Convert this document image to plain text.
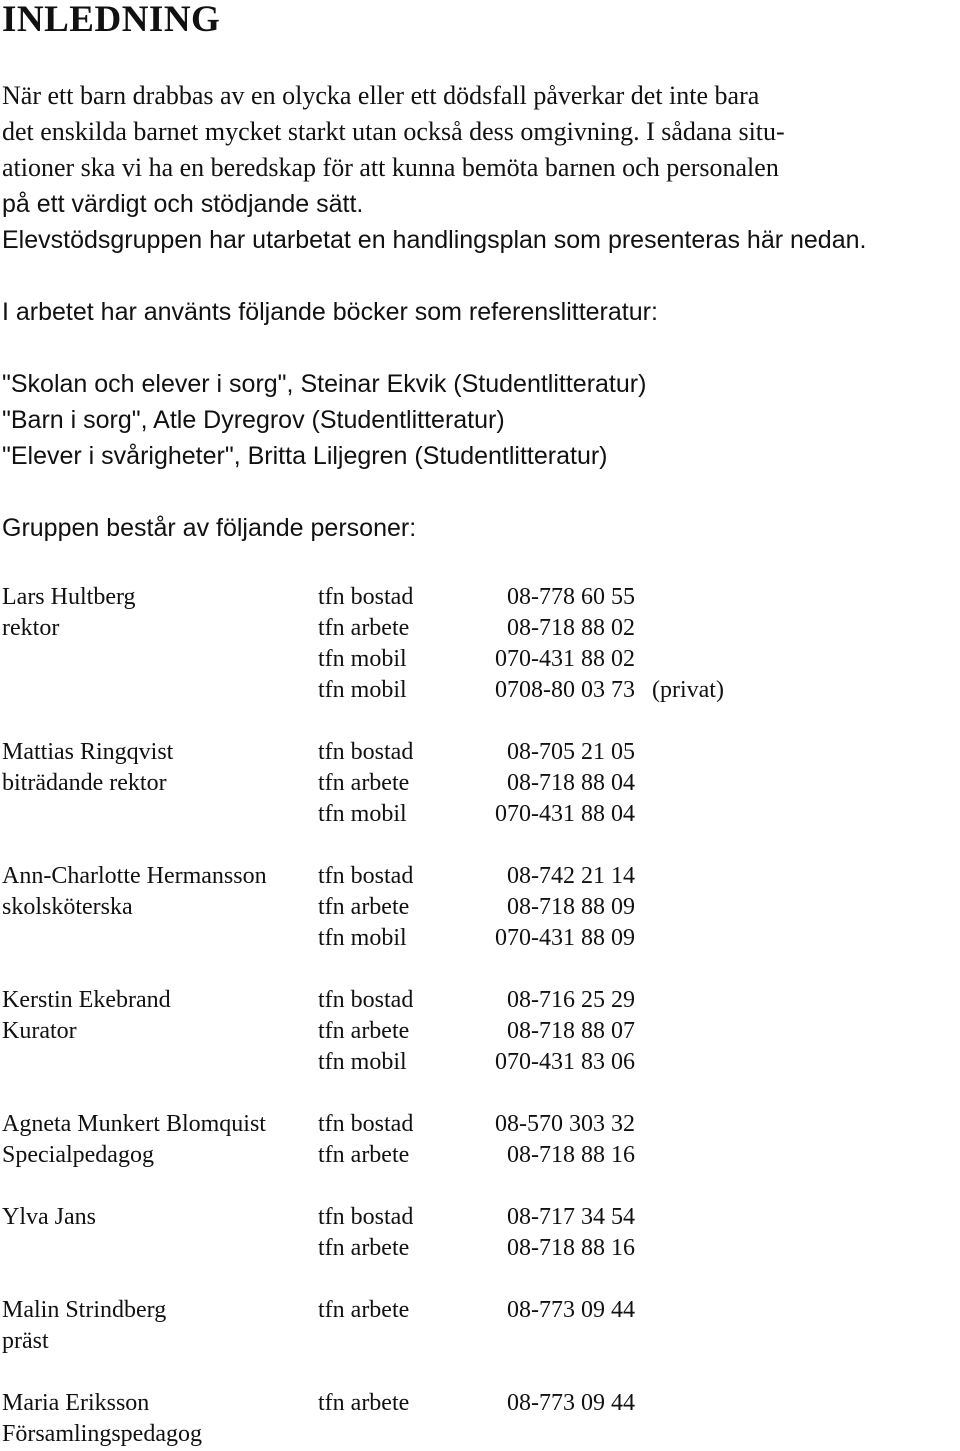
INLEDNING
När ett barn drabbas av en olycka eller ett dödsfall påverkar det inte bara
det enskilda barnet mycket starkt utan också dess omgivning. I sådana situ-
ationer ska vi ha en beredskap för att kunna bemöta barnen och personalen
på ett värdigt och stödjande sätt.
Elevstödsgruppen har utarbetat en handlingsplan som presenteras här nedan.
I arbetet har använts följande böcker som referenslitteratur:
"Skolan och elever i sorg", Steinar Ekvik (Studentlitteratur)
"Barn i sorg", Atle Dyregrov (Studentlitteratur)
"Elever i svårigheter", Britta Liljegren (Studentlitteratur)
Gruppen består av följande personer:
Lars Hultberg	tfn bostad	08-778 60 55
rektor	tfn arbete	08-718 88 02
tfn mobil	070-431 88 02
tfn mobil	0708-80 03 73 (privat)
Mattias Ringqvist	tfn bostad	08-705 21 05
biträdande rektor	tfn arbete	08-718 88 04
tfn mobil	070-431 88 04
Ann-Charlotte Hermansson tfn bostad	08-742 21 14
skolsköterska	tfn arbete	08-718 88 09
tfn mobil	070-431 88 09
Kerstin Ekebrand	tfn bostad	08-716 25 29
Kurator	tfn arbete	08-718 88 07
tfn mobil	070-431 83 06
Agneta Munkert Blomquist tfn bostad	08-570 303 32
Specialpedagog	tfn arbete	08-718 88 16
Ylva Jans	tfn bostad	08-717 34 54
tfn arbete	08-718 88 16
Malin Strindberg	tfn arbete	08-773 09 44
präst
Maria Eriksson	tfn arbete	08-773 09 44
Församlingspedagog
